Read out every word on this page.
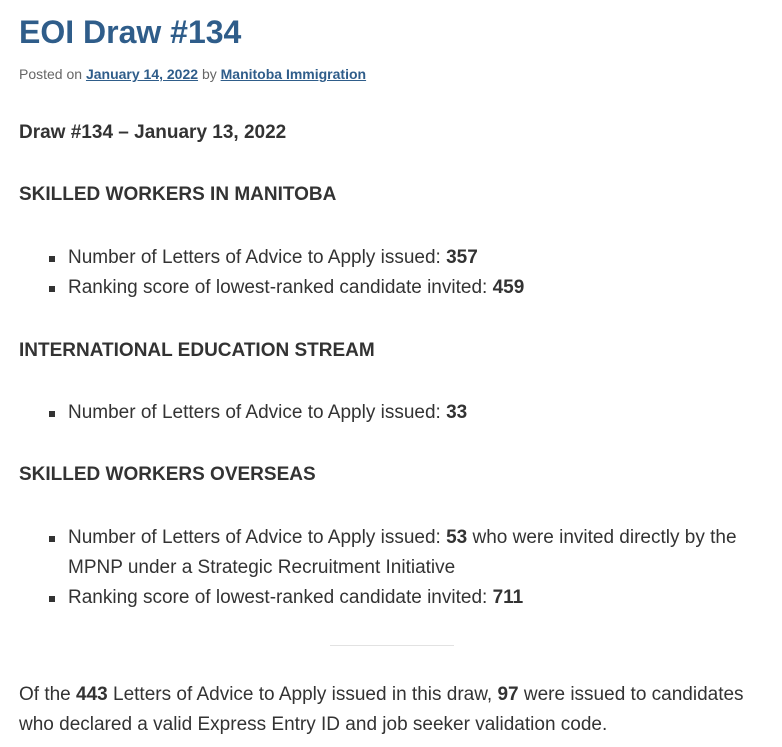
EOI Draw #134
Posted on January 14, 2022 by Manitoba Immigration
Draw #134 – January 13, 2022
SKILLED WORKERS IN MANITOBA
Number of Letters of Advice to Apply issued: 357
Ranking score of lowest-ranked candidate invited: 459
INTERNATIONAL EDUCATION STREAM
Number of Letters of Advice to Apply issued: 33
SKILLED WORKERS OVERSEAS
Number of Letters of Advice to Apply issued: 53 who were invited directly by the MPNP under a Strategic Recruitment Initiative
Ranking score of lowest-ranked candidate invited: 711

Of the 443 Letters of Advice to Apply issued in this draw, 97 were issued to candidates who declared a valid Express Entry ID and job seeker validation code.
